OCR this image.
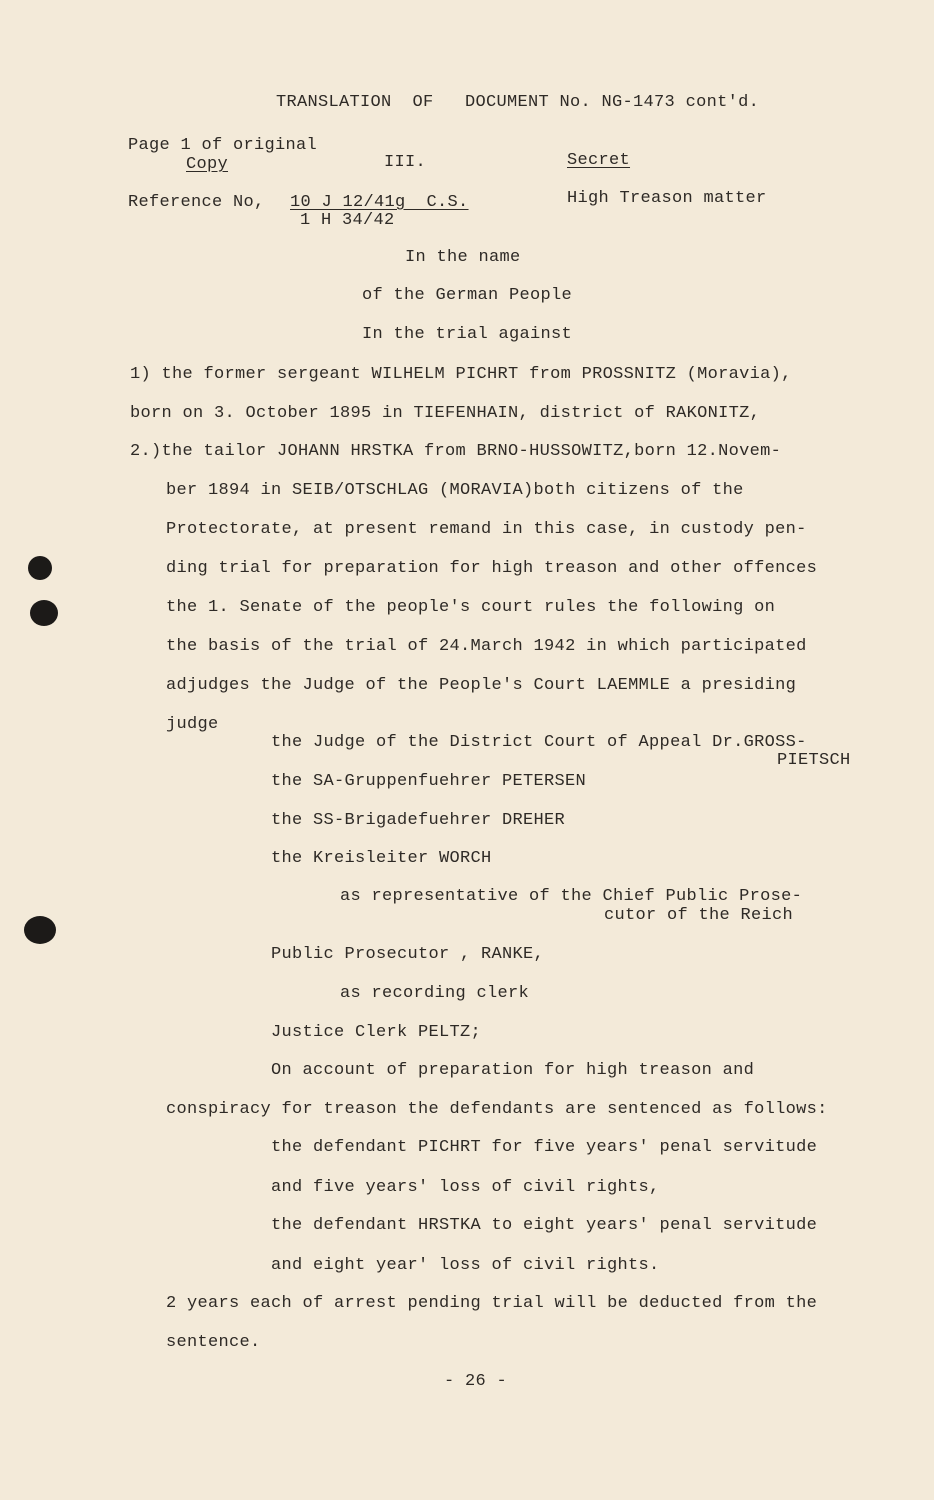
TRANSLATION  OF   DOCUMENT No. NG-1473 cont'd.
Page 1 of original
Copy	III.	Secret
Reference No, 10 J 12/41g  C.S.
1 H 34/42
High Treason matter
In the name
of the German People
In the trial against
1) the former sergeant WILHELM PICHRT from PROSSNITZ (Moravia),
born on 3. October 1895 in TIEFENHAIN, district of RAKONITZ,
2.)the tailor JOHANN HRSTKA from BRNO-HUSSOWITZ,born 12.Novem-
ber 1894 in SEIB/OTSCHLAG (MORAVIA)both citizens of the
Protectorate, at present remand in this case, in custody pen-
ding trial for preparation for high treason and other offences
the 1. Senate of the people's court rules the following on
the basis of the trial of 24.March 1942 in which participated
adjudges the Judge of the People's Court LAEMMLE a presiding
judge
the Judge of the District Court of Appeal Dr.GROSS-
PIETSCH
the SA-Gruppenfuehrer PETERSEN
the SS-Brigadefuehrer DREHER
the Kreisleiter WORCH
as representative of the Chief Public Prose-
cutor of the Reich
Public Prosecutor , RANKE,
as recording clerk
Justice Clerk PELTZ;
On account of preparation for high treason and
conspiracy for treason the defendants are sentenced as follows:
the defendant PICHRT for five years' penal servitude
and five years' loss of civil rights,
the defendant HRSTKA to eight years' penal servitude
and eight year' loss of civil rights.
2 years each of arrest pending trial will be deducted from the
sentence.
- 26 -
